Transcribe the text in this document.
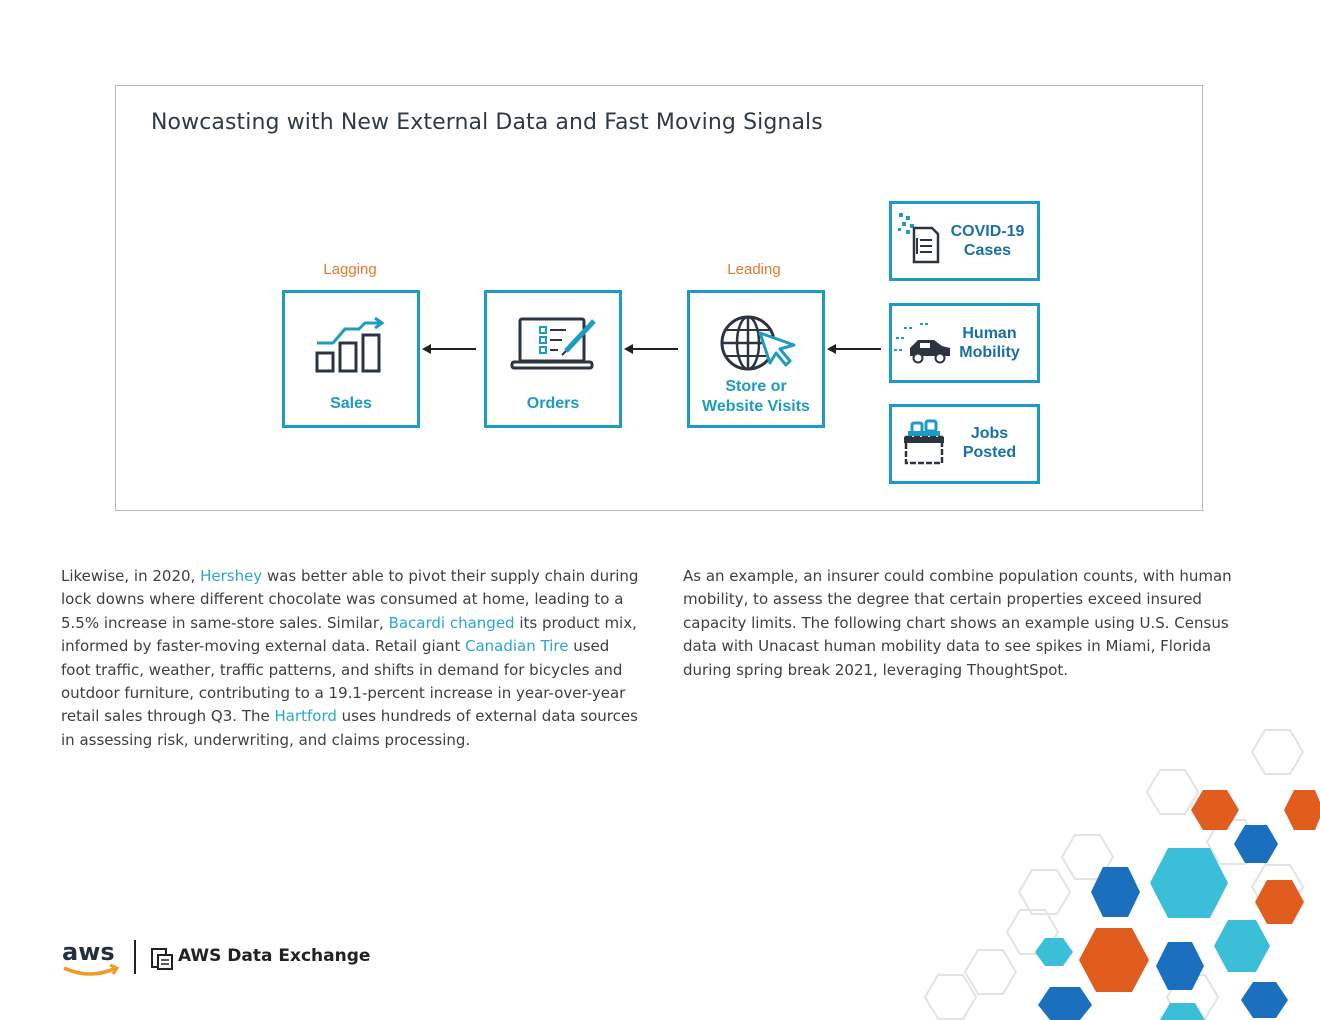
Nowcasting with New External Data and Fast Moving Signals
Lagging	Leading
Sales	Orders
Store or Website Visits
COVID-19
Cases
Human
Mobility
Jobs
Posted
Likewise, in 2020, Hershey was better able to pivot their supply chain during lock downs where different chocolate was consumed at home, leading to a 5.5% increase in same-store sales. Similar, Bacardi changed its product mix, informed by faster-moving external data. Retail giant Canadian Tire used foot traffic, weather, traffic patterns, and shifts in demand for bicycles and outdoor furniture, contributing to a 19.1-percent increase in year-over-year retail sales through Q3. The Hartford uses hundreds of external data sources in assessing risk, underwriting, and claims processing.
As an example, an insurer could combine population counts, with human mobility, to assess the degree that certain properties exceed insured capacity limits. The following chart shows an example using U.S. Census data with Unacast human mobility data to see spikes in Miami, Florida during spring break 2021, leveraging ThoughtSpot.
aws	AWS Data Exchange
